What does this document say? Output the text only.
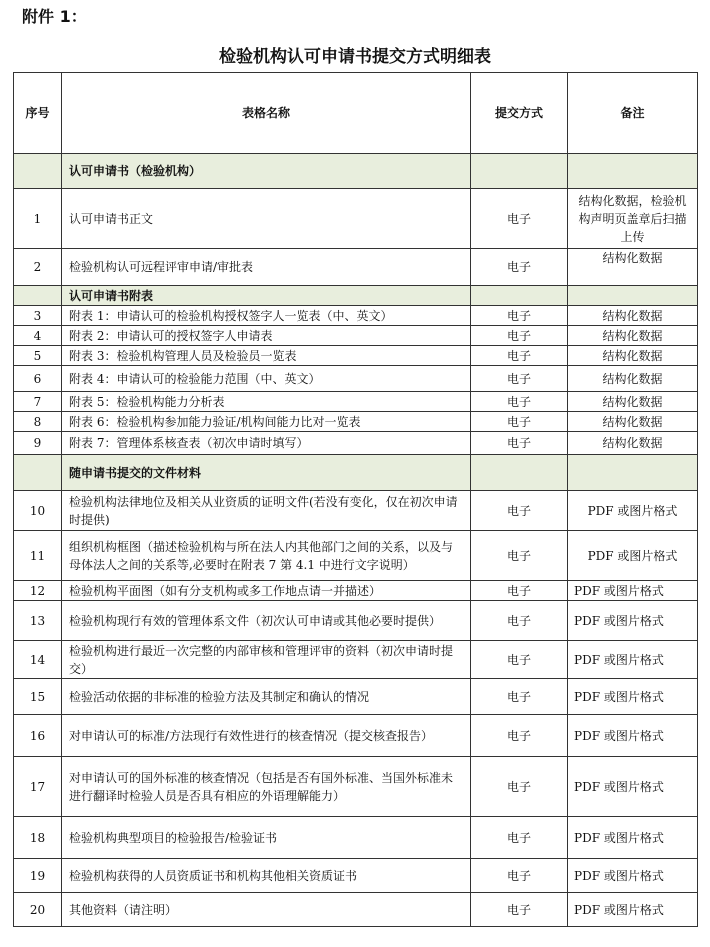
附件 1：
检验机构认可申请书提交方式明细表
序号	表格名称	提交方式	备注
	认可申请书（检验机构）		
1	认可申请书正文	电子	结构化数据，检验机构声明页盖章后扫描上传
2	检验机构认可远程评审申请/审批表	电子	结构化数据
	认可申请书附表		
3	附表 1：申请认可的检验机构授权签字人一览表（中、英文）	电子	结构化数据
4	附表 2：申请认可的授权签字人申请表	电子	结构化数据
5	附表 3：检验机构管理人员及检验员一览表	电子	结构化数据
6	附表 4：申请认可的检验能力范围（中、英文）	电子	结构化数据
7	附表 5：检验机构能力分析表	电子	结构化数据
8	附表 6：检验机构参加能力验证/机构间能力比对一览表	电子	结构化数据
9	附表 7：管理体系核查表（初次申请时填写）	电子	结构化数据
	随申请书提交的文件材料		
10	检验机构法律地位及相关从业资质的证明文件(若没有变化，仅在初次申请时提供)	电子	PDF 或图片格式
11	组织机构框图（描述检验机构与所在法人内其他部门之间的关系，以及与母体法人之间的关系等,必要时在附表 7 第 4.1 中进行文字说明）	电子	PDF 或图片格式
12	检验机构平面图（如有分支机构或多工作地点请一并描述）	电子	PDF 或图片格式
13	检验机构现行有效的管理体系文件（初次认可申请或其他必要时提供）	电子	PDF 或图片格式
14	检验机构进行最近一次完整的内部审核和管理评审的资料（初次申请时提交）	电子	PDF 或图片格式
15	检验活动依据的非标准的检验方法及其制定和确认的情况	电子	PDF 或图片格式
16	对申请认可的标准/方法现行有效性进行的核查情况（提交核查报告）	电子	PDF 或图片格式
17	对申请认可的国外标准的核查情况（包括是否有国外标准、当国外标准未进行翻译时检验人员是否具有相应的外语理解能力）	电子	PDF 或图片格式
18	检验机构典型项目的检验报告/检验证书	电子	PDF 或图片格式
19	检验机构获得的人员资质证书和机构其他相关资质证书	电子	PDF 或图片格式
20	其他资料（请注明）	电子	PDF 或图片格式
